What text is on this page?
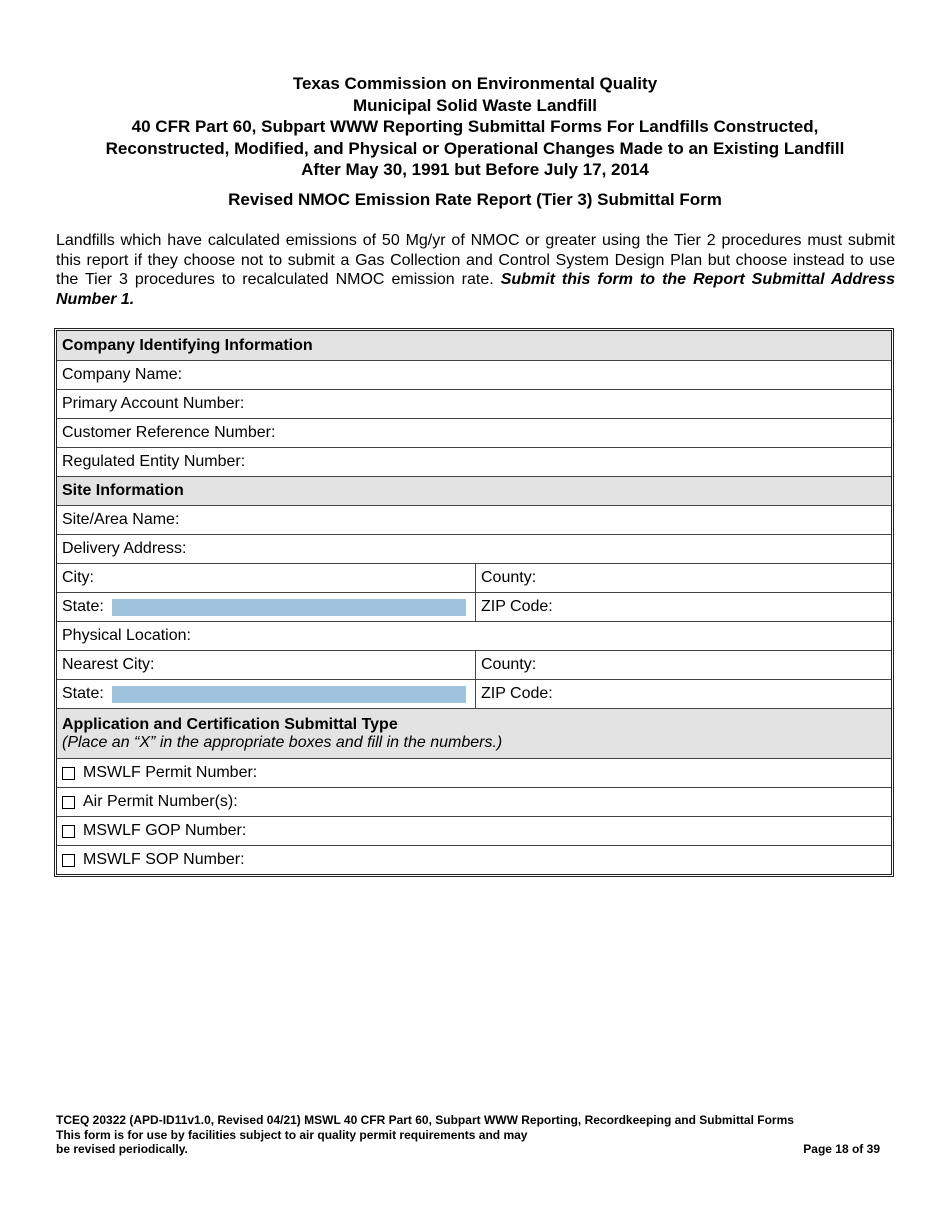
Texas Commission on Environmental Quality
Municipal Solid Waste Landfill
40 CFR Part 60, Subpart WWW Reporting Submittal Forms For Landfills Constructed,
Reconstructed, Modified, and Physical or Operational Changes Made to an Existing Landfill
After May 30, 1991 but Before July 17, 2014
Revised NMOC Emission Rate Report (Tier 3) Submittal Form
Landfills which have calculated emissions of 50 Mg/yr of NMOC or greater using the Tier 2 procedures must submit this report if they choose not to submit a Gas Collection and Control System Design Plan but choose instead to use the Tier 3 procedures to recalculated NMOC emission rate. Submit this form to the Report Submittal Address Number 1.
Company Identifying Information
Company Name:
Primary Account Number:
Customer Reference Number:
Regulated Entity Number:
Site Information
Site/Area Name:
Delivery Address:
City:	County:
State:	ZIP Code:
Physical Location:
Nearest City:	County:
State:	ZIP Code:
Application and Certification Submittal Type
(Place an “X” in the appropriate boxes and fill in the numbers.)
MSWLF Permit Number:
Air Permit Number(s):
MSWLF GOP Number:
MSWLF SOP Number:
TCEQ 20322 (APD-ID11v1.0, Revised 04/21) MSWL 40 CFR Part 60, Subpart WWW Reporting, Recordkeeping and Submittal Forms
This form is for use by facilities subject to air quality permit requirements and may
be revised periodically.	Page 18 of 39
